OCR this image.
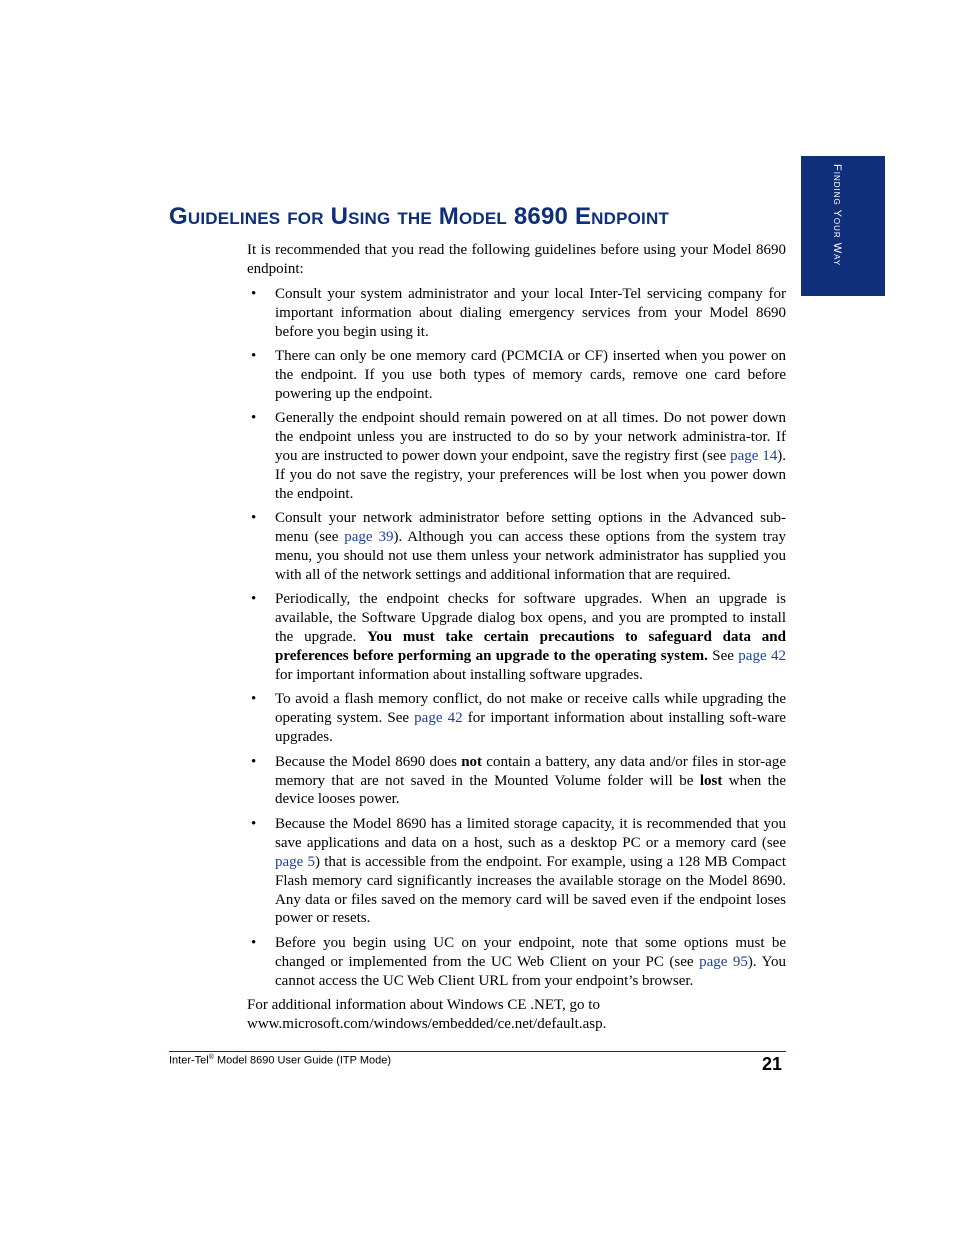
Finding Your Way
Guidelines for Using the Model 8690 Endpoint

It is recommended that you read the following guidelines before using your Model 8690 endpoint:

• Consult your system administrator and your local Inter-Tel servicing company for important information about dialing emergency services from your Model 8690 before you begin using it.
• There can only be one memory card (PCMCIA or CF) inserted when you power on the endpoint. If you use both types of memory cards, remove one card before powering up the endpoint.
• Generally the endpoint should remain powered on at all times. Do not power down the endpoint unless you are instructed to do so by your network administra-tor. If you are instructed to power down your endpoint, save the registry first (see page 14). If you do not save the registry, your preferences will be lost when you power down the endpoint.
• Consult your network administrator before setting options in the Advanced sub-menu (see page 39). Although you can access these options from the system tray menu, you should not use them unless your network administrator has supplied you with all of the network settings and additional information that are required.
• Periodically, the endpoint checks for software upgrades. When an upgrade is available, the Software Upgrade dialog box opens, and you are prompted to install the upgrade. You must take certain precautions to safeguard data and preferences before performing an upgrade to the operating system. See page 42 for important information about installing software upgrades.
• To avoid a flash memory conflict, do not make or receive calls while upgrading the operating system. See page 42 for important information about installing soft-ware upgrades.
• Because the Model 8690 does not contain a battery, any data and/or files in stor-age memory that are not saved in the Mounted Volume folder will be lost when the device looses power.
• Because the Model 8690 has a limited storage capacity, it is recommended that you save applications and data on a host, such as a desktop PC or a memory card (see page 5) that is accessible from the endpoint. For example, using a 128 MB Compact Flash memory card significantly increases the available storage on the Model 8690. Any data or files saved on the memory card will be saved even if the endpoint loses power or resets.
• Before you begin using UC on your endpoint, note that some options must be changed or implemented from the UC Web Client on your PC (see page 95). You cannot access the UC Web Client URL from your endpoint’s browser.

For additional information about Windows CE .NET, go to
www.microsoft.com/windows/embedded/ce.net/default.asp.

Inter-Tel® Model 8690 User Guide (ITP Mode)	21
